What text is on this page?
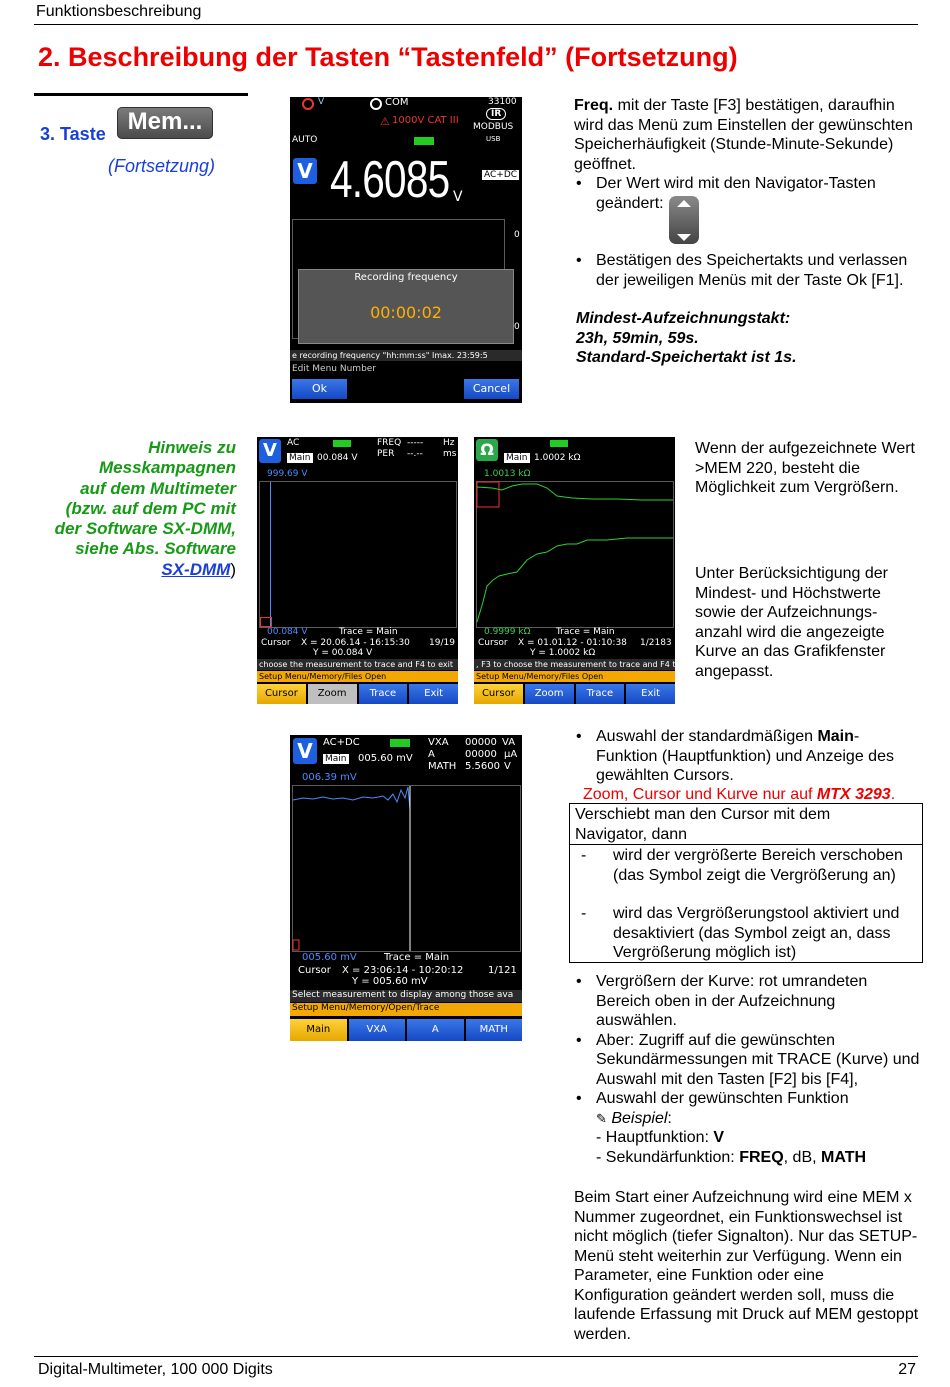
Funktionsbeschreibung
2. Beschreibung der Tasten “Tastenfeld” (Fortsetzung)
3. Taste Mem...
(Fortsetzung)
V	COM	33100
⚠ 1000V CAT III
IR
MODBUS
USB
AUTO
V 4.6085 V
AC+DC
0
0
Recording frequency
00:00:02
e recording frequency "hh:mm:ss" Imax. 23:59:5
Edit Menu Number
Ok	Cancel
Freq. mit der Taste [F3] bestätigen, daraufhin wird das Menü zum Einstellen der gewünschten Speicherhäufigkeit (Stunde-Minute-Sekunde) geöffnet.
• Der Wert wird mit den Navigator-Tasten geändert:
• Bestätigen des Speichertakts und verlassen der jeweiligen Menüs mit der Taste Ok [F1].
Mindest-Aufzeichnungstakt:
23h, 59min, 59s.
Standard-Speichertakt ist 1s.
Hinweis zu
Messkampagnen
auf dem Multimeter
(bzw. auf dem PC mit
der Software SX-DMM,
siehe Abs. Software
SX-DMM)
V	AC	FREQ ----- Hz
PER --.-- ms
Main 00.084 V
999.69 V
00.084 V	Trace = Main
Cursor X = 20.06.14 - 16:15:30 19/19
Y = 00.084 V
choose the measurement to trace and F4 to exit
Setup Menu/Memory/Files Open
Cursor	Zoom	Trace	Exit
Ω	Main 1.0002 kΩ
1.0013 kΩ
0.9999 kΩ	Trace = Main
Cursor X = 01.01.12 - 01:10:38 1/2183
Y = 1.0002 kΩ
, F3 to choose the measurement to trace and F4 to exit
Setup Menu/Memory/Files Open
Cursor	Zoom	Trace	Exit
Wenn der aufgezeichnete Wert >MEM 220, besteht die Möglichkeit zum Vergrößern.
Unter Berücksichtigung der Mindest- und Höchstwerte sowie der Aufzeichnungs-anzahl wird die angezeigte Kurve an das Grafikfenster angepasst.
V	AC+DC	VXA
A
MATH
00000
00000
5.5600
VA
µA
V
Main 005.60 mV
006.39 mV
005.60 mV	Trace = Main
Cursor X = 23:06:14 - 10:20:12 1/121
Y = 005.60 mV
Select measurement to display among those ava
Setup Menu/Memory/Open/Trace
Main	VXA	A	MATH
• Auswahl der standardmäßigen Main-Funktion (Hauptfunktion) und Anzeige des gewählten Cursors.
Zoom, Cursor und Kurve nur auf MTX 3293.
Verschiebt man den Cursor mit dem Navigator, dann
- wird der vergrößerte Bereich verschoben (das Symbol zeigt die Vergrößerung an)
- wird das Vergrößerungstool aktiviert und desaktiviert (das Symbol zeigt an, dass Vergrößerung möglich ist)
• Vergrößern der Kurve: rot umrandeten Bereich oben in der Aufzeichnung auswählen.
• Aber: Zugriff auf die gewünschten Sekundärmessungen mit TRACE (Kurve) und Auswahl mit den Tasten [F2] bis [F4],
• Auswahl der gewünschten Funktion
✎ Beispiel:
- Hauptfunktion: V
- Sekundärfunktion: FREQ, dB, MATH
Beim Start einer Aufzeichnung wird eine MEM x Nummer zugeordnet, ein Funktionswechsel ist nicht möglich (tiefer Signalton). Nur das SETUP-Menü steht weiterhin zur Verfügung. Wenn ein Parameter, eine Funktion oder eine Konfiguration geändert werden soll, muss die laufende Erfassung mit Druck auf MEM gestoppt werden.
Digital-Multimeter, 100 000 Digits	27
